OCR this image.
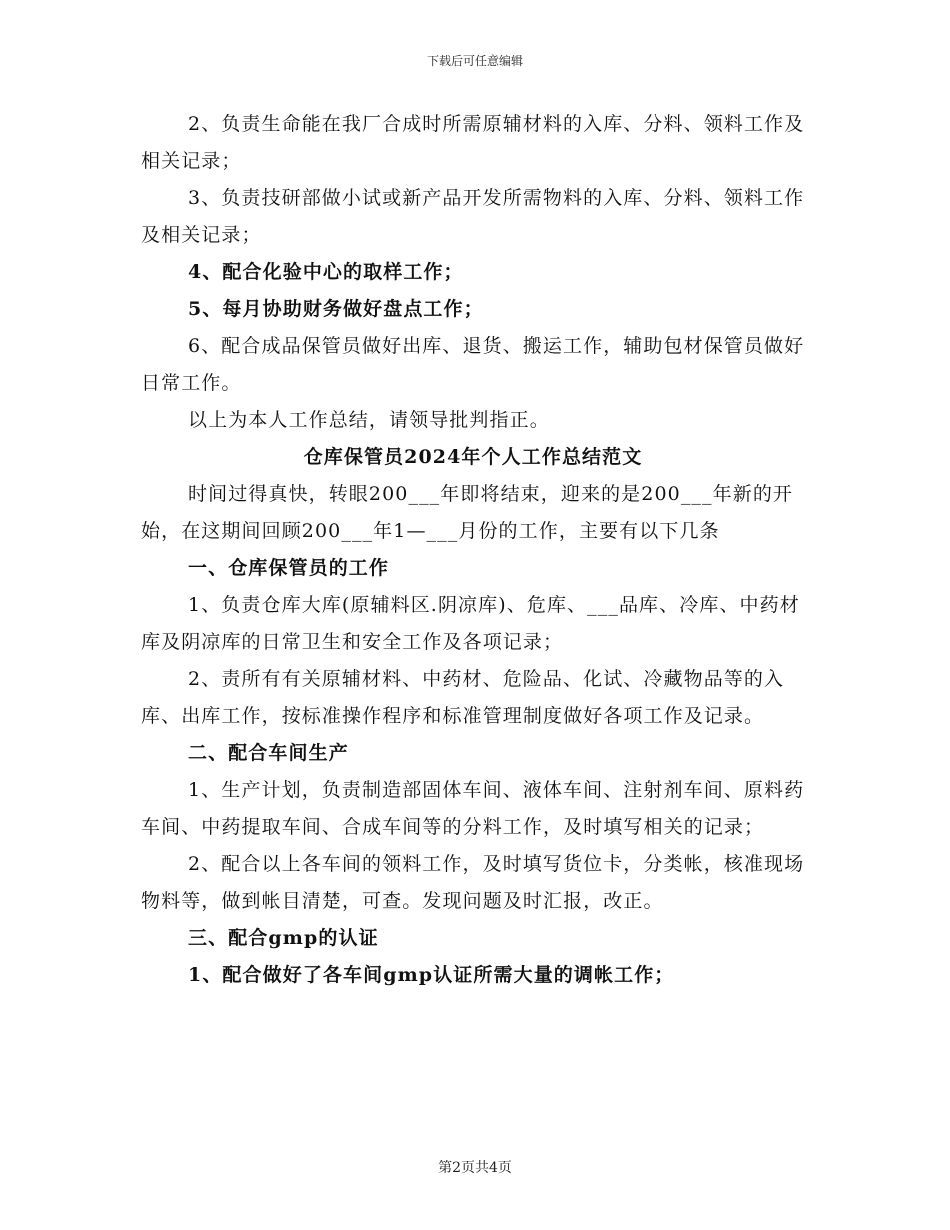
下载后可任意编辑

2、负责生命能在我厂合成时所需原辅材料的入库、分料、领料工作及相关记录；

3、负责技研部做小试或新产品开发所需物料的入库、分料、领料工作及相关记录；

4、配合化验中心的取样工作；

5、每月协助财务做好盘点工作；

6、配合成品保管员做好出库、退货、搬运工作，辅助包材保管员做好日常工作。

以上为本人工作总结，请领导批判指正。

仓库保管员2024年个人工作总结范文

时间过得真快，转眼200___年即将结束，迎来的是200___年新的开始，在这期间回顾200___年1—___月份的工作，主要有以下几条

一、仓库保管员的工作

1、负责仓库大库(原辅料区.阴凉库)、危库、___品库、冷库、中药材库及阴凉库的日常卫生和安全工作及各项记录；

2、责所有有关原辅材料、中药材、危险品、化试、冷藏物品等的入库、出库工作，按标准操作程序和标准管理制度做好各项工作及记录。

二、配合车间生产

1、生产计划，负责制造部固体车间、液体车间、注射剂车间、原料药车间、中药提取车间、合成车间等的分料工作，及时填写相关的记录；

2、配合以上各车间的领料工作，及时填写货位卡，分类帐，核准现场物料等，做到帐目清楚，可查。发现问题及时汇报，改正。

三、配合gmp的认证

1、配合做好了各车间gmp认证所需大量的调帐工作；

第2页共4页
